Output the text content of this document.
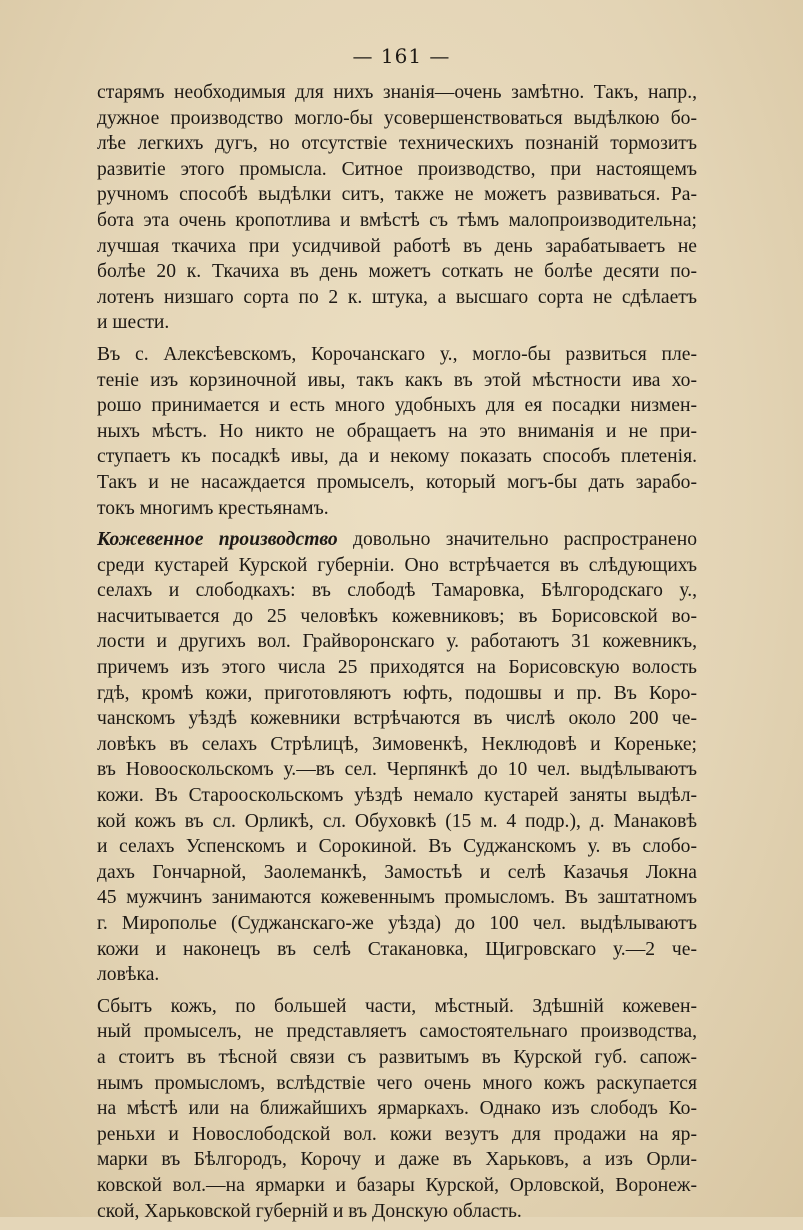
— 161 —
старямъ необходимыя для нихъ знанія—очень замѣтно. Такъ, напр.,
дужное производство могло-бы усовершенствоваться выдѣлкою бо-
лѣе легкихъ дугъ, но отсутствіе техническихъ познаній тормозитъ
развитіе этого промысла. Ситное производство, при настоящемъ
ручномъ способѣ выдѣлки ситъ, также не можетъ развиваться. Ра-
бота эта очень кропотлива и вмѣстѣ съ тѣмъ малопроизводительна;
лучшая ткачиха при усидчивой работѣ въ день зарабатываетъ не
болѣе 20 к. Ткачиха въ день можетъ соткать не болѣе десяти по-
лотенъ низшаго сорта по 2 к. штука, а высшаго сорта не сдѣлаетъ
и шести.
Въ с. Алексѣевскомъ, Корочанскаго у., могло-бы развиться пле-
теніе изъ корзиночной ивы, такъ какъ въ этой мѣстности ива хо-
рошо принимается и есть много удобныхъ для ея посадки низмен-
ныхъ мѣстъ. Но никто не обращаетъ на это вниманія и не при-
ступаетъ къ посадкѣ ивы, да и некому показать способъ плетенія.
Такъ и не насаждается промыселъ, который могъ-бы дать зарабо-
токъ многимъ крестьянамъ.
Кожевенное производство довольно значительно распространено
среди кустарей Курской губерніи. Оно встрѣчается въ слѣдующихъ
селахъ и слободкахъ: въ слободѣ Тамаровка, Бѣлгородскаго у.,
насчитывается до 25 человѣкъ кожевниковъ; въ Борисовской во-
лости и другихъ вол. Грайворонскаго у. работаютъ 31 кожевникъ,
причемъ изъ этого числа 25 приходятся на Борисовскую волость
гдѣ, кромѣ кожи, приготовляютъ юфть, подошвы и пр. Въ Коро-
чанскомъ уѣздѣ кожевники встрѣчаются въ числѣ около 200 че-
ловѣкъ въ селахъ Стрѣлицѣ, Зимовенкѣ, Неклюдовѣ и Кореньке;
въ Новооскольскомъ у.—въ сел. Черпянкѣ до 10 чел. выдѣлываютъ
кожи. Въ Старооскольскомъ уѣздѣ немало кустарей заняты выдѣл-
кой кожъ въ сл. Орликѣ, сл. Обуховкѣ (15 м. 4 подр.), д. Манаковѣ
и селахъ Успенскомъ и Сорокиной. Въ Суджанскомъ у. въ слобо-
дахъ Гончарной, Заолеманкѣ, Замостьѣ и селѣ Казачья Локна
45 мужчинъ занимаются кожевеннымъ промысломъ. Въ заштатномъ
г. Мирополье (Суджанскаго-же уѣзда) до 100 чел. выдѣлываютъ
кожи и наконецъ въ селѣ Стакановка, Щигровскаго у.—2 че-
ловѣка.
Сбытъ кожъ, по большей части, мѣстный. Здѣшній кожевен-
ный промыселъ, не представляетъ самостоятельнаго производства,
а стоитъ въ тѣсной связи съ развитымъ въ Курской губ. сапож-
нымъ промысломъ, вслѣдствіе чего очень много кожъ раскупается
на мѣстѣ или на ближайшихъ ярмаркахъ. Однако изъ слободъ Ко-
реньхи и Новослободской вол. кожи везутъ для продажи на яр-
марки въ Бѣлгородъ, Корочу и даже въ Харьковъ, а изъ Орли-
ковской вол.—на ярмарки и базары Курской, Орловской, Воронеж-
ской, Харьковской губерній и въ Донскую область.
